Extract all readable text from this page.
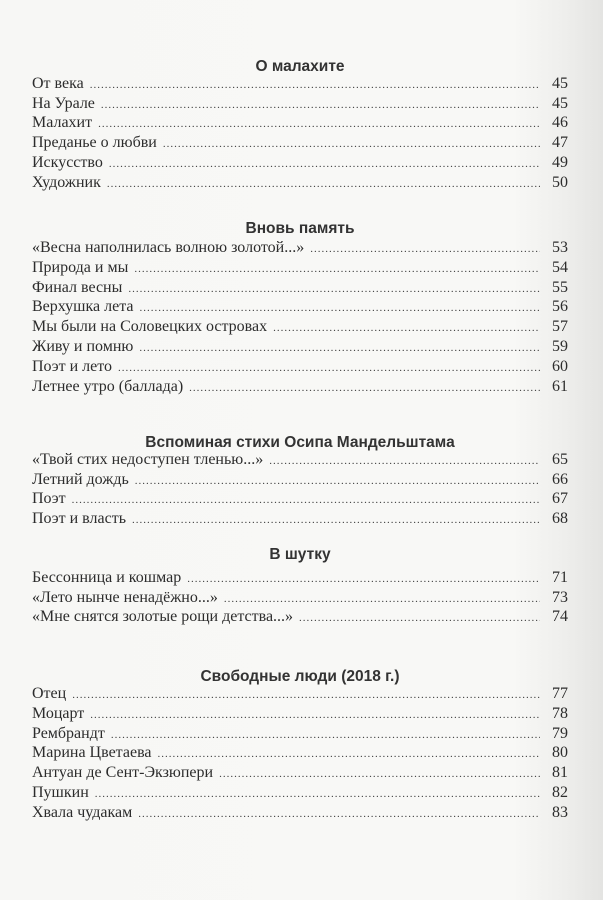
О малахите
От века .....	45
На Урале .....	45
Малахит .....	46
Преданье о любви .....	47
Искусство .....	49
Художник .....	50
Вновь память
«Весна наполнилась волною золотой...» .....	53
Природа и мы .....	54
Финал весны .....	55
Верхушка лета .....	56
Мы были на Соловецких островах .....	57
Живу и помню .....	59
Поэт и лето .....	60
Летнее утро (баллада) .....	61
Вспоминая стихи Осипа Мандельштама
«Твой стих недоступен тленью...» .....	65
Летний дождь .....	66
Поэт .....	67
Поэт и власть .....	68
В шутку
Бессонница и кошмар .....	71
«Лето нынче ненадёжно...» .....	73
«Мне снятся золотые рощи детства...» .....	74
Свободные люди (2018 г.)
Отец .....	77
Моцарт .....	78
Рембрандт .....	79
Марина Цветаева .....	80
Антуан де Сент-Экзюпери .....	81
Пушкин .....	82
Хвала чудакам .....	83
